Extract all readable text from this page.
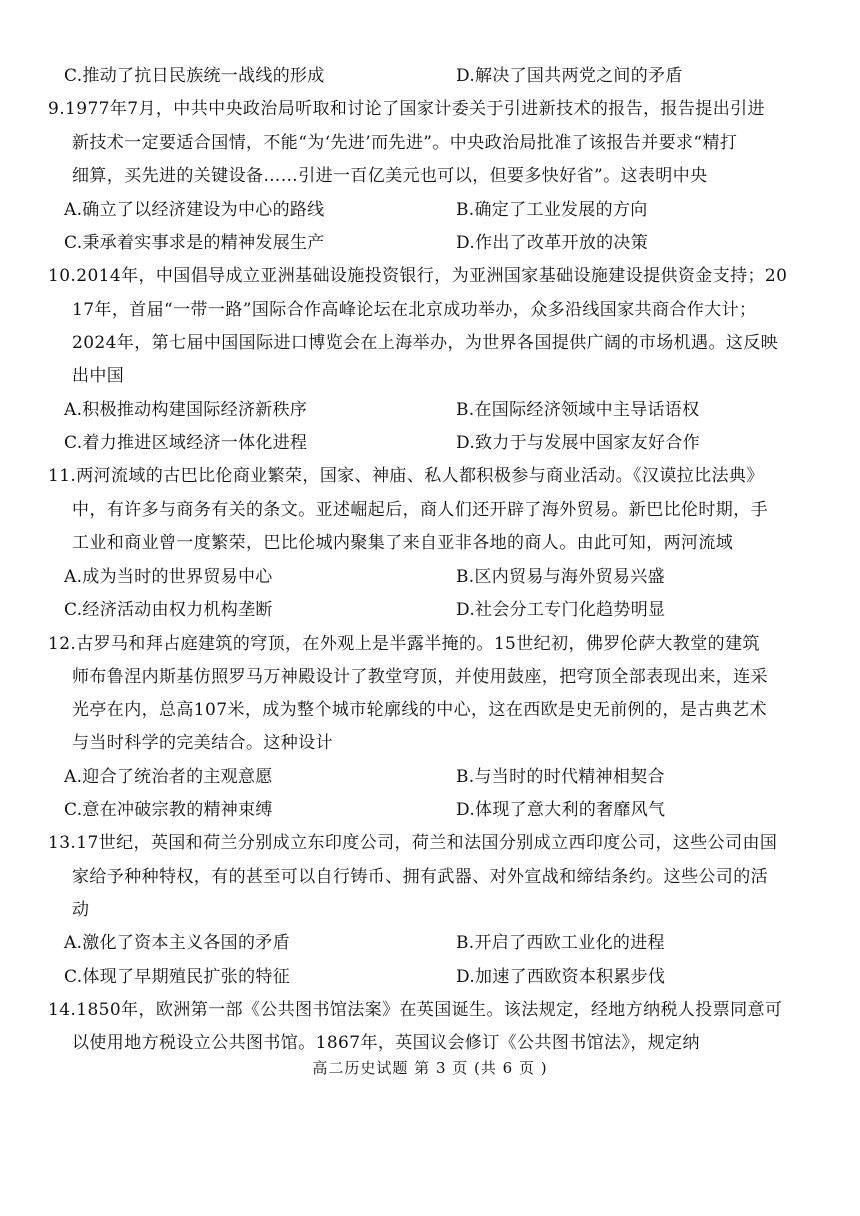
C.推动了抗日民族统一战线的形成	D.解决了国共两党之间的矛盾
9.1977年7月，中共中央政治局听取和讨论了国家计委关于引进新技术的报告，报告提出引进
新技术一定要适合国情，不能“为‘先进’而先进”。中央政治局批准了该报告并要求“精打
细算，买先进的关键设备……引进一百亿美元也可以，但要多快好省”。这表明中央
A.确立了以经济建设为中心的路线	B.确定了工业发展的方向
C.秉承着实事求是的精神发展生产	D.作出了改革开放的决策
10.2014年，中国倡导成立亚洲基础设施投资银行，为亚洲国家基础设施建设提供资金支持；20
17年，首届“一带一路”国际合作高峰论坛在北京成功举办，众多沿线国家共商合作大计；
2024年，第七届中国国际进口博览会在上海举办，为世界各国提供广阔的市场机遇。这反映
出中国
A.积极推动构建国际经济新秩序	B.在国际经济领域中主导话语权
C.着力推进区域经济一体化进程	D.致力于与发展中国家友好合作
11.两河流域的古巴比伦商业繁荣，国家、神庙、私人都积极参与商业活动。《汉谟拉比法典》
中，有许多与商务有关的条文。亚述崛起后，商人们还开辟了海外贸易。新巴比伦时期，手
工业和商业曾一度繁荣，巴比伦城内聚集了来自亚非各地的商人。由此可知，两河流域
A.成为当时的世界贸易中心	B.区内贸易与海外贸易兴盛
C.经济活动由权力机构垄断	D.社会分工专门化趋势明显
12.古罗马和拜占庭建筑的穹顶，在外观上是半露半掩的。15世纪初，佛罗伦萨大教堂的建筑
师布鲁涅内斯基仿照罗马万神殿设计了教堂穹顶，并使用鼓座，把穹顶全部表现出来，连采
光亭在内，总高107米，成为整个城市轮廓线的中心，这在西欧是史无前例的，是古典艺术
与当时科学的完美结合。这种设计
A.迎合了统治者的主观意愿	B.与当时的时代精神相契合
C.意在冲破宗教的精神束缚	D.体现了意大利的奢靡风气
13.17世纪，英国和荷兰分别成立东印度公司，荷兰和法国分别成立西印度公司，这些公司由国
家给予种种特权，有的甚至可以自行铸币、拥有武器、对外宣战和缔结条约。这些公司的活
动
A.激化了资本主义各国的矛盾	B.开启了西欧工业化的进程
C.体现了早期殖民扩张的特征	D.加速了西欧资本积累步伐
14.1850年，欧洲第一部《公共图书馆法案》在英国诞生。该法规定，经地方纳税人投票同意可
以使用地方税设立公共图书馆。1867年，英国议会修订《公共图书馆法》，规定纳
高二历史试题 第 3 页 (共 6 页 )
